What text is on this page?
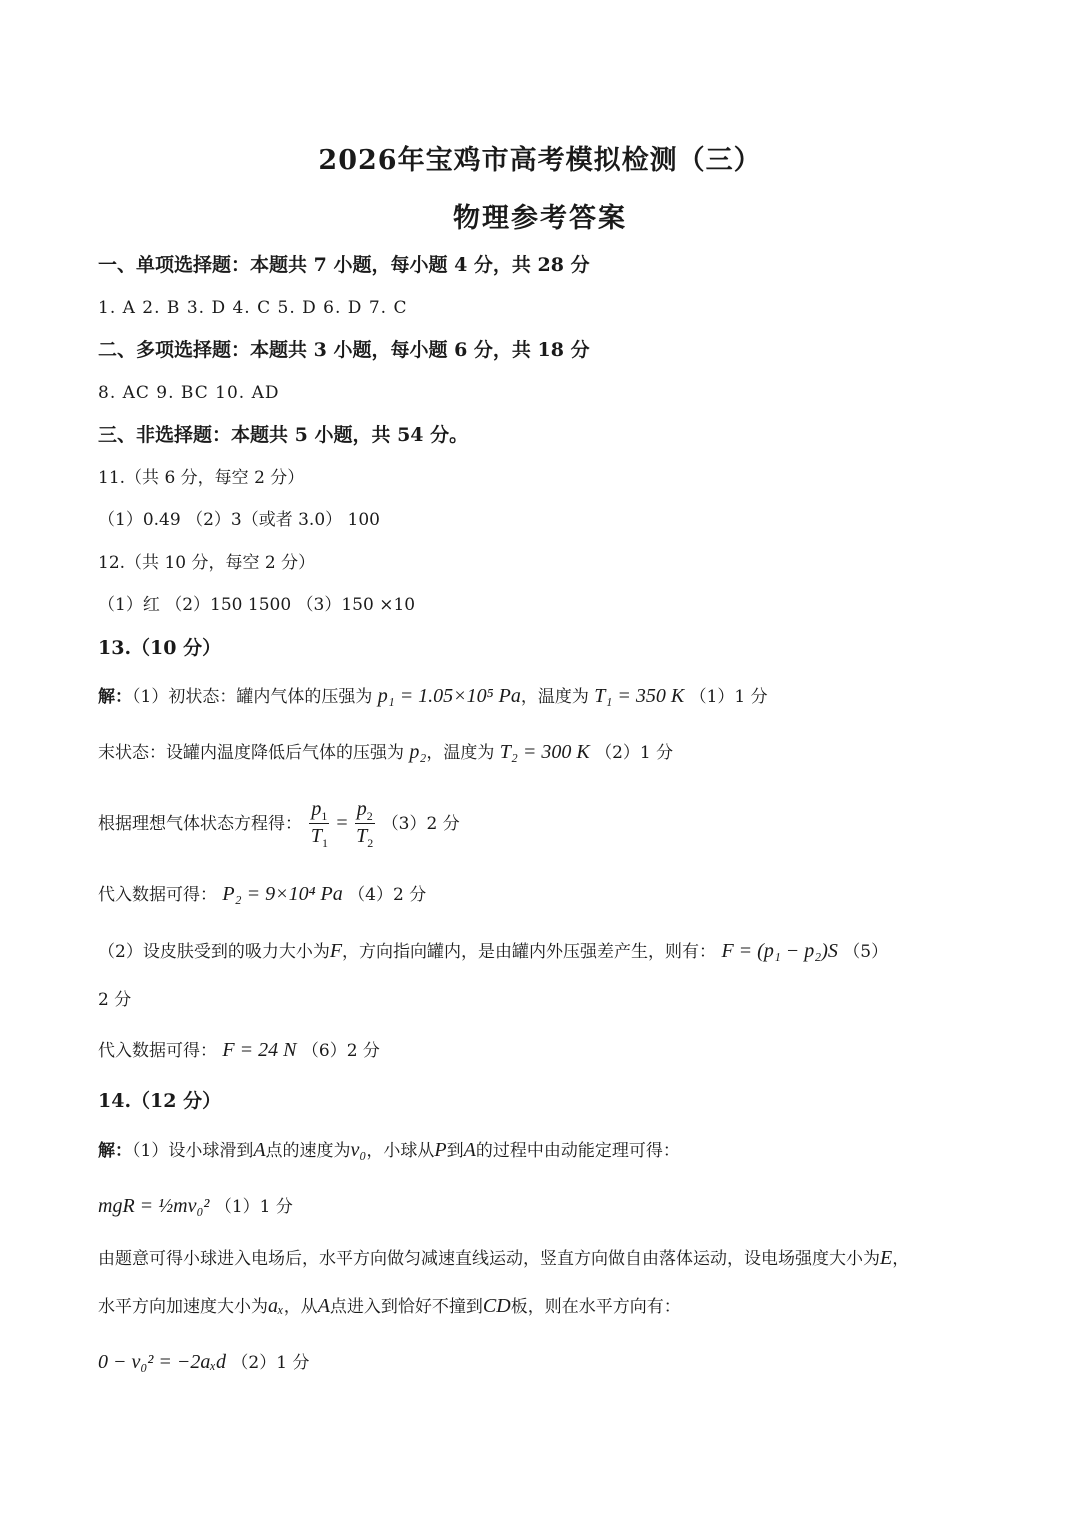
2026年宝鸡市高考模拟检测（三）
物理参考答案
一、单项选择题：本题共 7 小题，每小题 4 分，共 28 分
1. A 2. B 3. D 4. C 5. D 6. D 7. C
二、多项选择题：本题共 3 小题，每小题 6 分，共 18 分
8. AC 9. BC 10. AD
三、非选择题：本题共 5 小题，共 54 分。
11.（共 6 分，每空 2 分）
（1）0.49 （2）3（或者 3.0） 100
12.（共 10 分，每空 2 分）
（1）红 （2）150 1500 （3）150 ×10
13.（10 分）
解：（1）初状态：罐内气体的压强为 p₁ = 1.05×10⁵ Pa，温度为 T₁ = 350 K （1）1 分
末状态：设罐内温度降低后气体的压强为 p₂，温度为 T₂ = 300 K （2）1 分
根据理想气体状态方程得： $\frac{p_1}{T_1} = \frac{p_2}{T_2} (3)2$ 分
代入数据可得： P₂ = 9×10⁴ Pa （4）2 分
（2）设皮肤受到的吸力大小为F，方向指向罐内，是由罐内外压强差产生，则有： F = (p₁ − p₂)S （5）
2 分
代入数据可得： F = 24 N （6）2 分
14.（12 分）
解：（1）设小球滑到A点的速度为v₀，小球从P到A的过程中由动能定理可得：
mgR = ½mv₀² （1）1 分
由题意可得小球进入电场后，水平方向做匀减速直线运动，竖直方向做自由落体运动，设电场强度大小为E，
水平方向加速度大小为aₓ，从A点进入到恰好不撞到CD板，则在水平方向有：
0 − v₀² = −2aₓd （2）1 分
